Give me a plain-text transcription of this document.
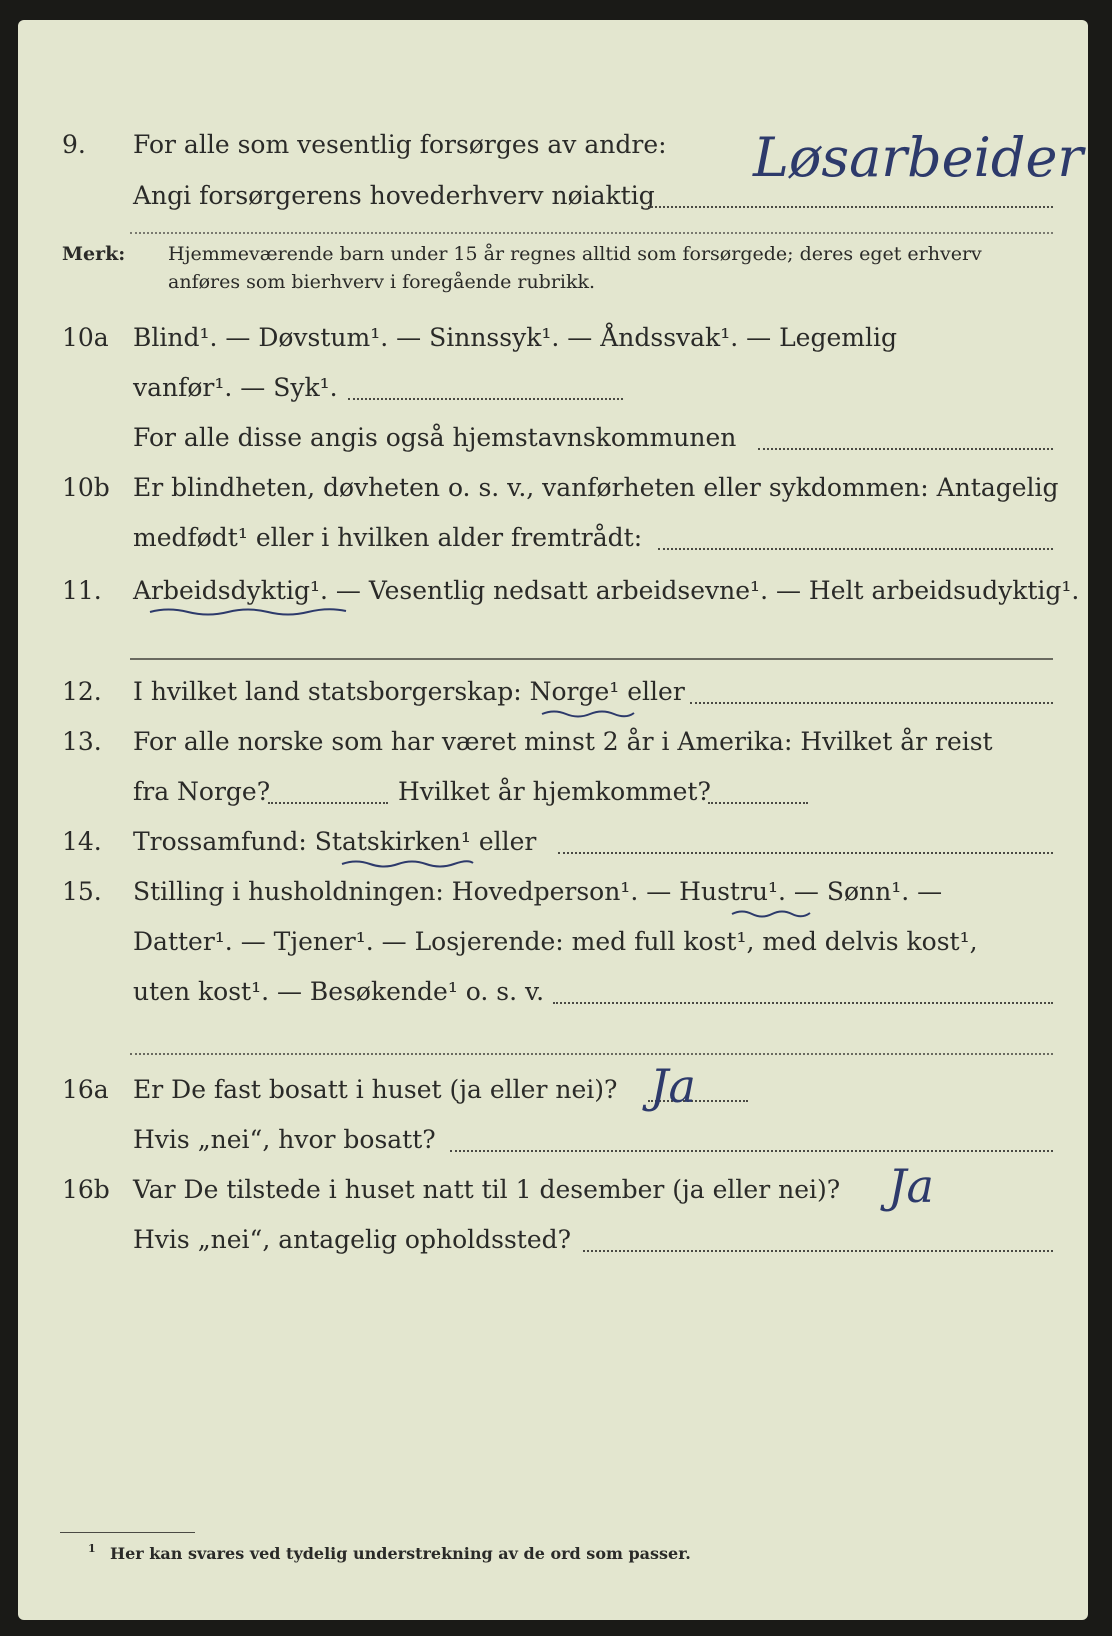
9. For alle som vesentlig forsørges av andre:
Angi forsørgerens hovederhverv nøiaktig
Løsarbeider
Merk: Hjemmeværende barn under 15 år regnes alltid som forsørgede; deres eget erhverv
anføres som bierhverv i foregående rubrikk.
10a Blind¹. — Døvstum¹. — Sinnssyk¹. — Åndssvak¹. — Legemlig
vanfør¹. — Syk¹.
For alle disse angis også hjemstavnskommunen
10b Er blindheten, døvheten o. s. v., vanførheten eller sykdommen: Antagelig
medfødt¹ eller i hvilken alder fremtrådt:
11. Arbeidsdyktig¹. — Vesentlig nedsatt arbeidsevne¹. — Helt arbeidsudyktig¹.
12. I hvilket land statsborgerskap: Norge¹ eller
13. For alle norske som har været minst 2 år i Amerika: Hvilket år reist
fra Norge?	Hvilket år hjemkommet?
14. Trossamfund: Statskirken¹ eller
15. Stilling i husholdningen: Hovedperson¹. — Hustru¹. — Sønn¹. —
Datter¹. — Tjener¹. — Losjerende: med full kost¹, med delvis kost¹,
uten kost¹. — Besøkende¹ o. s. v.
16a Er De fast bosatt i huset (ja eller nei)? Ja
Hvis „nei“, hvor bosatt?
16b Var De tilstede i huset natt til 1 desember (ja eller nei)? Ja
Hvis „nei“, antagelig opholdssted?
1 Her kan svares ved tydelig understrekning av de ord som passer.
